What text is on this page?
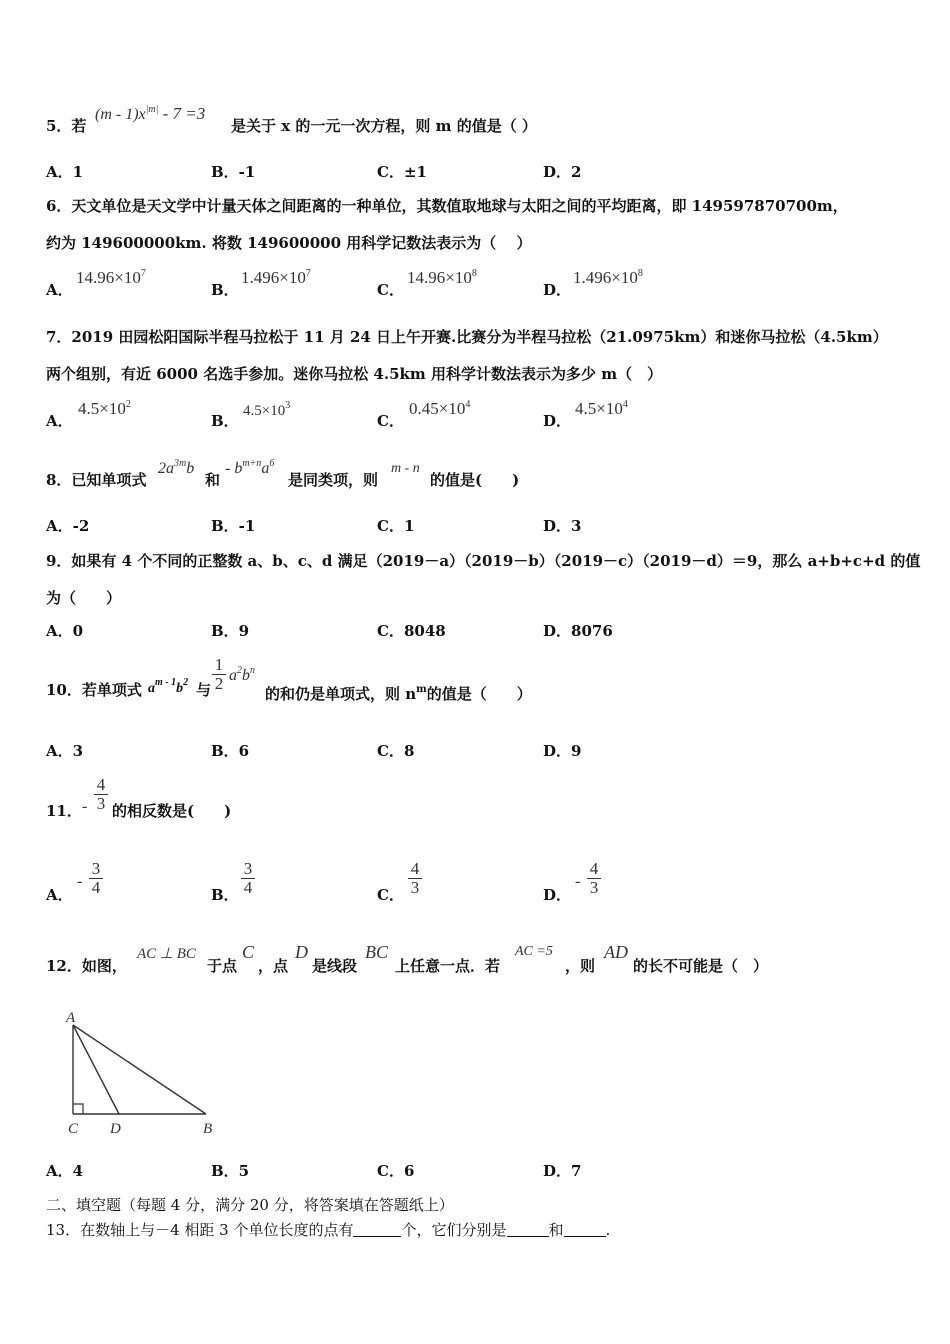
5．若
$(m - 1)x^{|m|} - 7 =3$
是关于 x 的一元一次方程，则 m 的值是（ ）
A．1	B．-1	C．±1	D．2
6．天文单位是天文学中计量天体之间距离的一种单位，其数值取地球与太阳之间的平均距离，即 149597870700m，
约为 149600000km. 将数 149600000 用科学记数法表示为（　 ）
A．
$14.96\times 10^7$
B．
$1.496\times 10^7$
C．
$14.96\times 10^8$
D．
$1.496\times 10^8$
7．2019 田园松阳国际半程马拉松于 11 月 24 日上午开赛.比赛分为半程马拉松（21.0975km）和迷你马拉松（4.5km）
两个组别，有近 6000 名选手参加。迷你马拉松 4.5km 用科学计数法表示为多少 m（　）
A．
$4.5\times 10^2$
B．
$4.5\times 10^3$
C．
$0.45\times 10^4$
D．
$4.5\times 10^4$
8．已知单项式
$2a^{3m}b$
和
- $b^{m+n}a^6$
是同类项，则
m - n
的值是(　　)
A．-2	B．-1	C．1	D．3
9．如果有 4 个不同的正整数 a、b、c、d 满足（2019－a）（2019－b）（2019－c）（2019－d）＝9，那么 a+b+c+d 的值
为（　　）
A．0	B．9	C．8048	D．8076
10．若单项式 $a^{m - 1}b^2$ 与 $\frac{1}{2} a^2b^n$
的和仍是单项式，则 $n^m$的值是（　　）
A．3	B．6	C．8	D．9
11． - $\frac{4}{3}$ 的相反数是(　　)
A．
- $\frac{3}{4}$	B． $\frac{3}{4}$	C． $\frac{4}{3}$	D．
- $\frac{4}{3}$
12．如图，
AC ⊥ BC
于点
C
，点
D
是线段
BC
上任意一点．若
AC =5
，则
AD
的长不可能是（　）
A
C D	B
A．4	B．5	C．6	D．7
二、填空题（每题 4 分，满分 20 分，将答案填在答题纸上）
13．在数轴上与－4 相距 3 个单位长度的点有	个，它们分别是	和	.
